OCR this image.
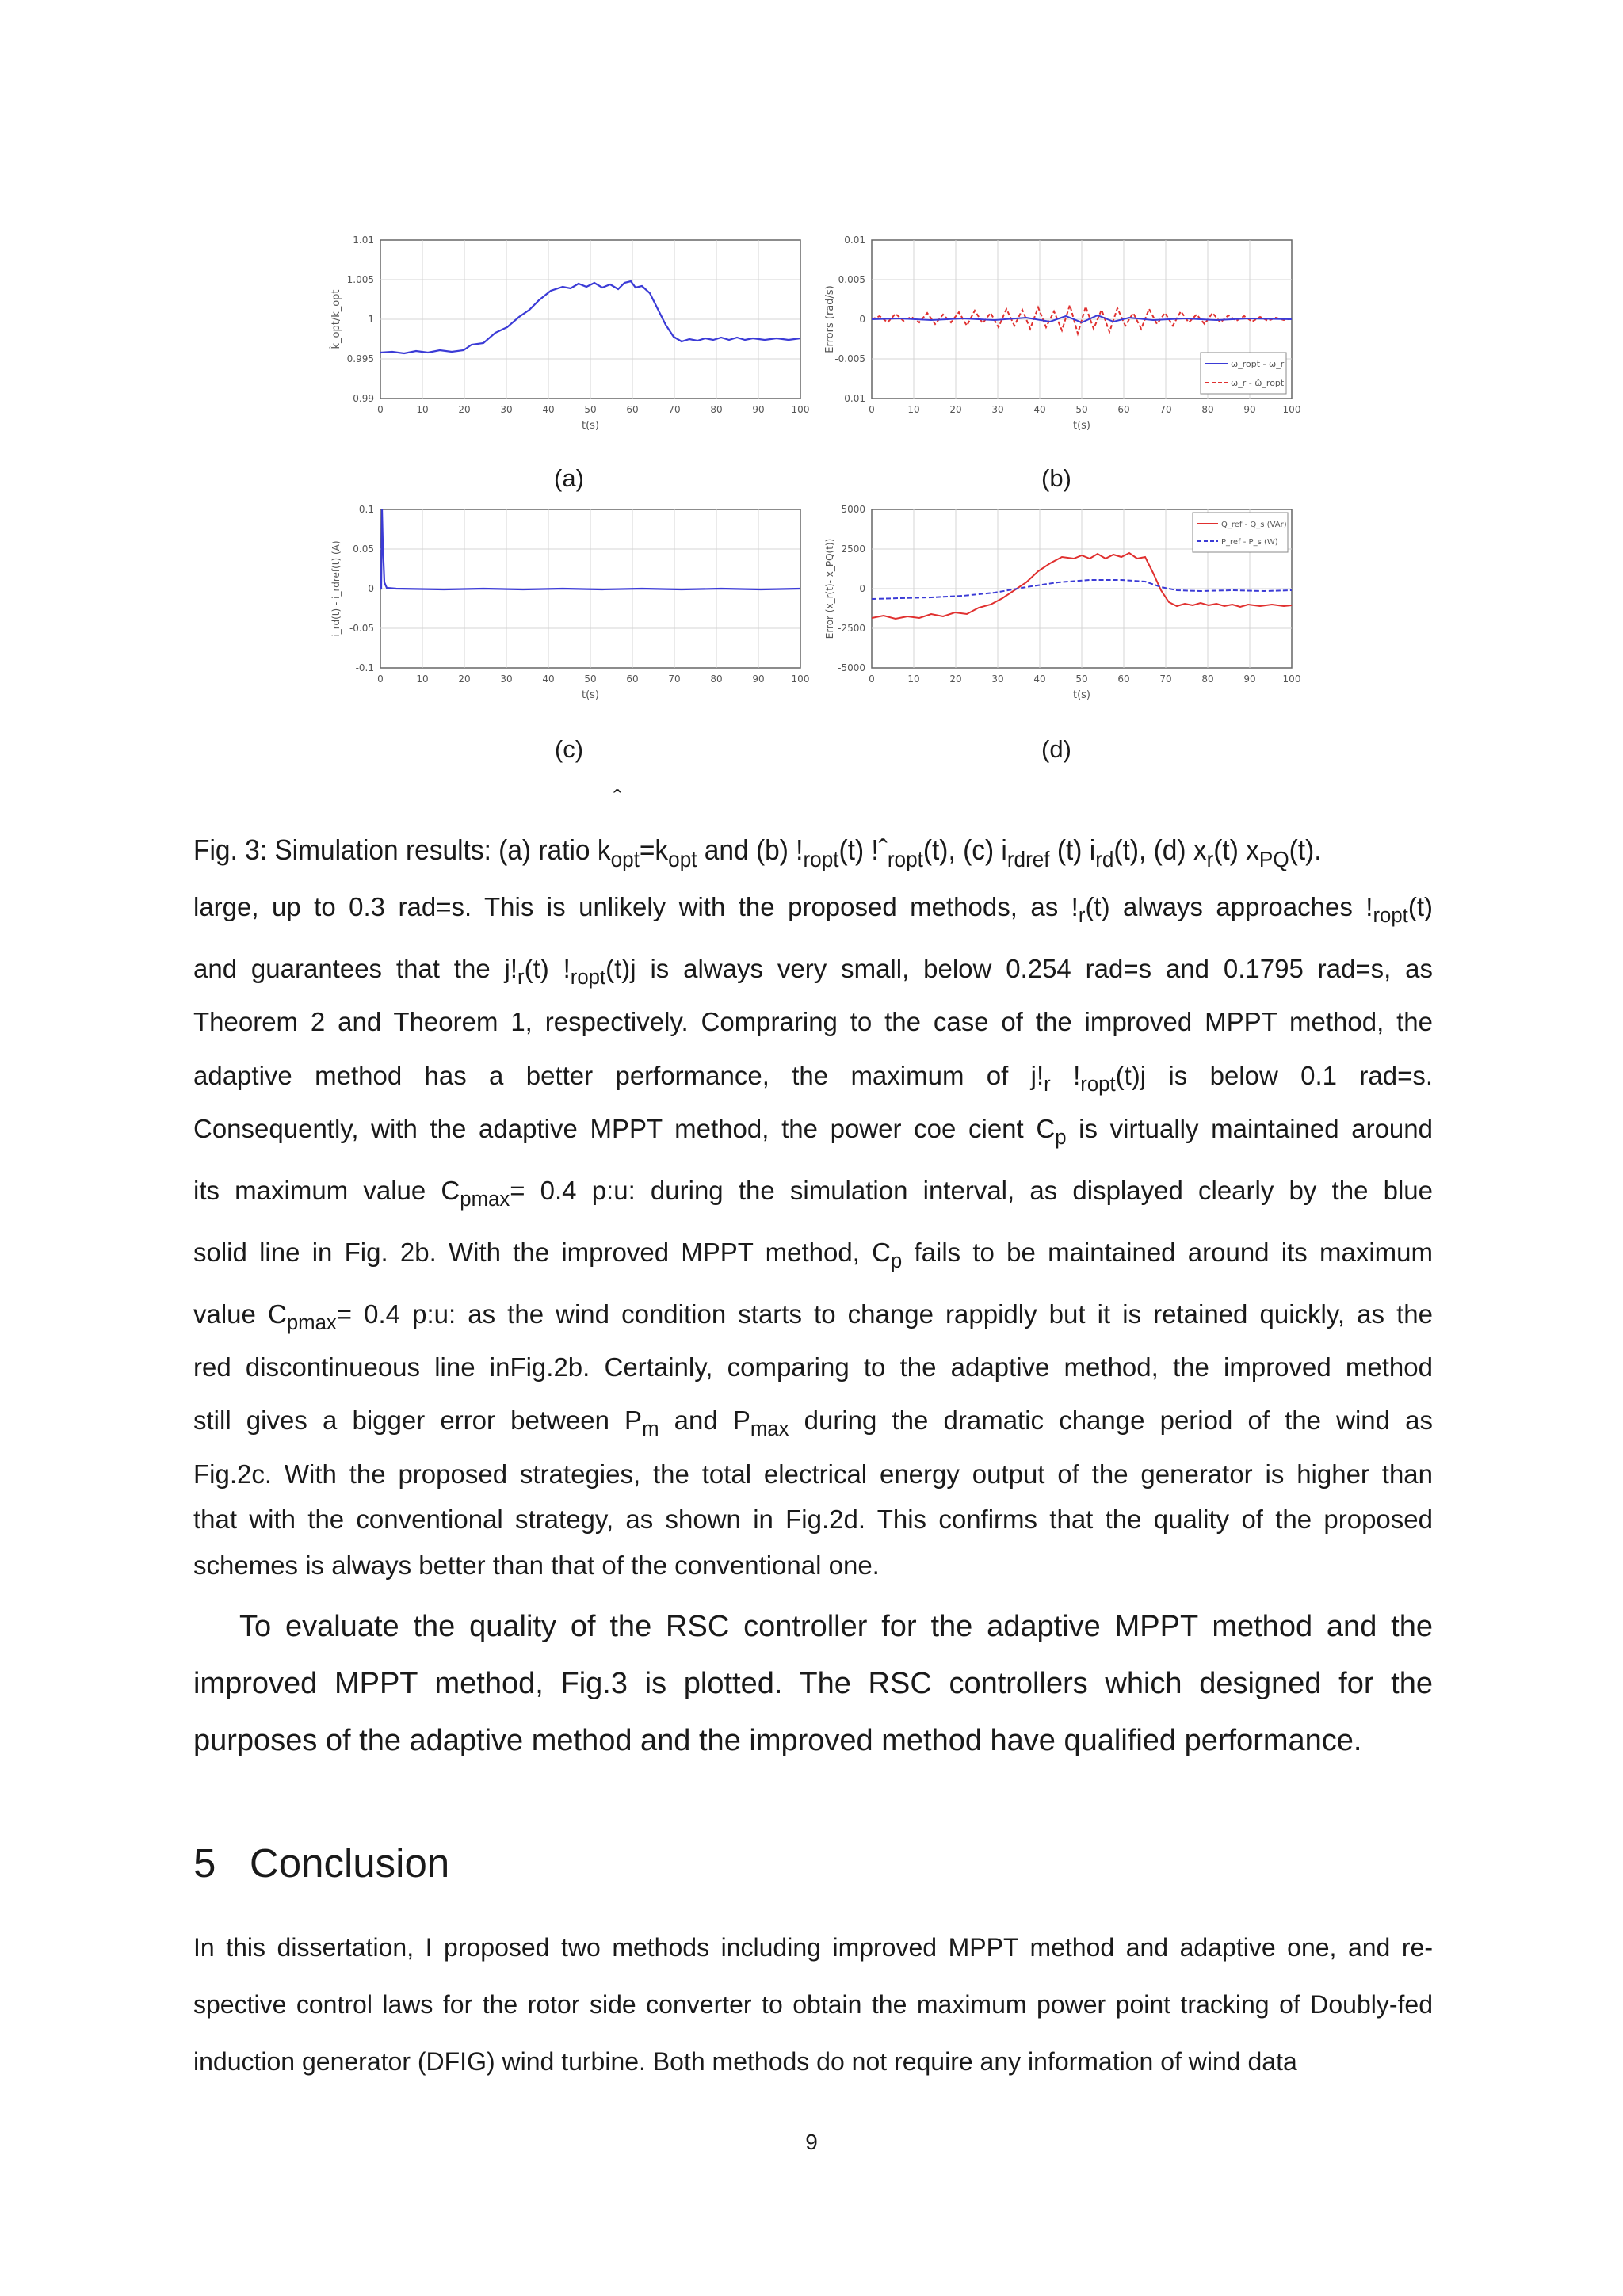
1.01
1.005
1
0.995
0.99
0	10	20	30	40	50	60	70	80	90	100
t(s)
k̂_opt/k_opt
ω_ropt - ω_r
ω_r - ω̂_ropt
0.01
0.005
0
-0.005
-0.01
0	10	20	30	40	50	60	70	80	90	100
t(s)
Errors (rad/s)
(a)	(b)
0.1
0.05
0
-0.05
-0.1
0	10	20	30	40	50	60	70	80	90	100
t(s)
i_rd(t) - i_rdref(t) (A)
Q_ref - Q_s (VAr)
P_ref - P_s (W)
5000
2500
0
-2500
-5000
0	10	20	30	40	50	60	70	80	90	100
t(s)
Error (x_r(t)- x_PQ(t))
(c)	(d)
ˆ
Fig. 3: Simulation results: (a) ratio $k_{opt}=k_{opt}$ and (b) $!_{ropt}(t)$ !ˆ$_{ropt}$(t), (c) $i_{rdref}$ (t) $i_{rd}(t)$, (d) $x_r(t)$ $x_{PQ}(t)$.
large, up to 0.3 rad=s. This is unlikely with the proposed methods, as $!_r(t)$ always approaches $!_{ropt}(t)$
and guarantees that the $j!_r(t)$ $!_{ropt}(t)j$ is always very small, below 0.254 rad=s and 0.1795 rad=s, as
Theorem 2 and Theorem 1, respectively. Compraring to the case of the improved MPPT method, the
adaptive method has a better performance, the maximum of $j!_r$ $!_{ropt}(t)j$ is below 0.1 rad=s.
Consequently, with the adaptive MPPT method, the power coe cient $C_p$ is virtually maintained around
its maximum value $C_{pmax}= 0.4$ p:u: during the simulation interval, as displayed clearly by the blue
solid line in Fig. 2b. With the improved MPPT method, $C_p$ fails to be maintained around its maximum
value $C_{pmax}= 0.4$ p:u: as the wind condition starts to change rappidly but it is retained quickly, as the
red discontinueous line inFig.2b. Certainly, comparing to the adaptive method, the improved method
still gives a bigger error between $P_m$ and $P_{max}$ during the dramatic change period of the wind as
Fig.2c. With the proposed strategies, the total electrical energy output of the generator is higher than
that with the conventional strategy, as shown in Fig.2d. This confirms that the quality of the proposed
schemes is always better than that of the conventional one.
To evaluate the quality of the RSC controller for the adaptive MPPT method and the
improved MPPT method, Fig.3 is plotted. The RSC controllers which designed for the
purposes of the adaptive method and the improved method have qualified performance.
5 Conclusion
In this dissertation, I proposed two methods including improved MPPT method and adaptive one, and re-
spective control laws for the rotor side converter to obtain the maximum power point tracking of Doubly-fed
induction generator (DFIG) wind turbine. Both methods do not require any information of wind data
9
